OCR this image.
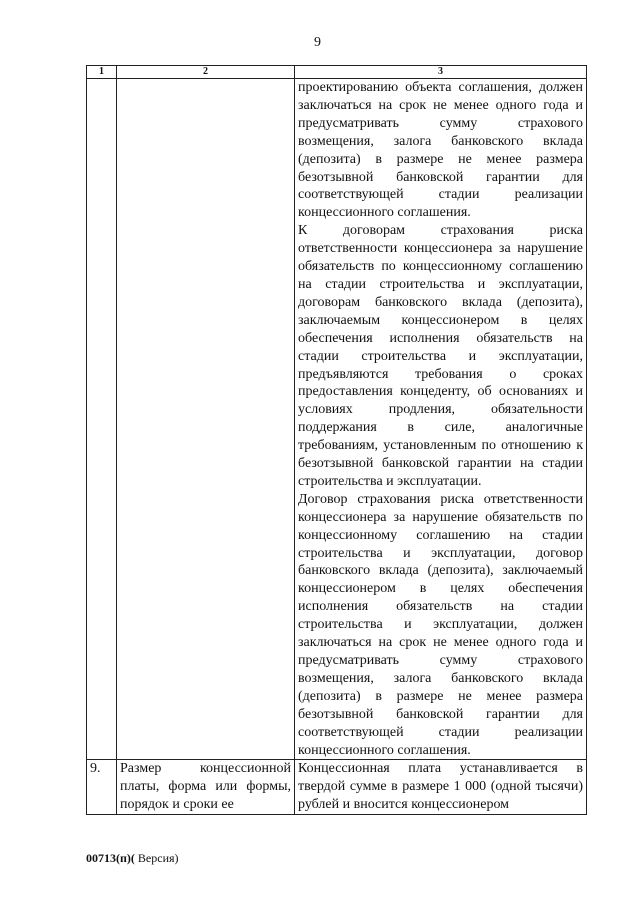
9
1	2	3

		проектированию объекта соглашения, должен заключаться на срок не менее одного года и предусматривать сумму страхового возмещения, залога банковского вклада (депозита) в размере не менее размера безотзывной банковской гарантии для соответствующей стадии реализации концессионного соглашения.

К договорам страхования риска ответственности концессионера за нарушение обязательств по концессионному соглашению на стадии строительства и эксплуатации, договорам банковского вклада (депозита), заключаемым концессионером в целях обеспечения исполнения обязательств на стадии строительства и эксплуатации, предъявляются требования о сроках предоставления концеденту, об основаниях и условиях продления, обязательности поддержания в силе, аналогичные требованиям, установленным по отношению к безотзывной банковской гарантии на стадии строительства и эксплуатации.

Договор страхования риска ответственности концессионера за нарушение обязательств по концессионному соглашению на стадии строительства и эксплуатации, договор банковского вклада (депозита), заключаемый концессионером в целях обеспечения исполнения обязательств на стадии строительства и эксплуатации, должен заключаться на срок не менее одного года и предусматривать сумму страхового возмещения, залога банковского вклада (депозита) в размере не менее размера безотзывной банковской гарантии для соответствующей стадии реализации концессионного соглашения.

9.	Размер концессионной платы, форма или формы, порядок и сроки ее	Концессионная плата устанавливается в твердой сумме в размере 1 000 (одной тысячи) рублей и вносится концессионером
00713(п)( Версия)
